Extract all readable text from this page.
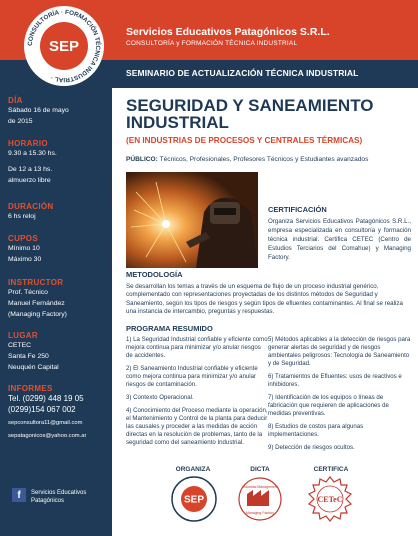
CONSULTORÍA · FORMACIÓN TÉCNICA INDUSTRIAL ·
SEP
Servicios Educativos Patagónicos S.R.L.
CONSULTORÍA y FORMACIÓN TÉCNICA INDUSTRIAL
SEMINARIO DE ACTUALIZACIÓN TÉCNICA INDUSTRIAL
DÍA
Sábado 16 de mayo
de 2015
HORARIO
9.30 a 15.30 hs.
De 12 a 13 hs.
almuerzo libre
DURACIÓN
6 hs reloj
CUPOS
Mínimo 10
Máximo 30
INSTRUCTOR
Prof. Técnico
Manuel Fernández
(Managing Factory)
LUGAR
CETEC
Santa Fe 250
Neuquén Capital
INFORMES
Tel. (0299) 448 19 05
(0299)154 067 002
sepconsultora11@gmail.com
sepatagonicos@yahoo.com.ar
f	Servicios Educativos
Patagónicos
SEGURIDAD Y SANEAMIENTO
INDUSTRIAL
(EN INDUSTRIAS DE PROCESOS Y CENTRALES TÉRMICAS)
PÚBLICO: Técnicos, Profesionales, Profesores Técnicos y Estudiantes avanzados
CERTIFICACIÓN
Organiza Servicios Educativos Patagónicos S.R.L., empresa especializada en consultoría y formación técnica industrial. Certifica CETEC (Centro de Estudios Terciarios del Comahue) y Managing Factory.
METODOLOGÍA
Se desarrollan los temas a través de un esquema de flujo de un proceso industrial genérico, complementado con representaciones proyectadas de los distintos métodos de Seguridad y Saneamiento, según los tipos de riesgos y según tipos de efluentes contaminantes. Al final se realiza una instancia de intercambio, preguntas y respuestas.
PROGRAMA RESUMIDO

1) La Seguridad Industrial confiable y eficiente como mejora continua para minimizar y/o anular riesgos de accidentes.

2) El Saneamiento Industrial confiable y eficiente como mejora continua para minimizar y/o anular riesgos de contaminación.

3) Contexto Operacional.

4) Conocimiento del Proceso mediante la operación, el Mantenimiento y Control de la planta para deducir las causales y proceder a las medidas de acción directas en la resolución de problemas, tanto de la seguridad como del saneamiento Industrial.

5) Métodos aplicables a la detección de riesgos para generar alertas de seguridad y de riesgos ambientales peligrosos: Tecnología de Saneamiento y de Seguridad.

6) Tratamientos de Efluentes: usos de reactivos e inhibidores.

7) Identificación de los equipos o líneas de fabricación que requieren de aplicaciones de medidas preventivas.

8) Estudios de costos para algunas implementaciones.

9) Detección de riesgos ocultos.

ORGANIZA	DICTA	CERTIFICA
SEP
Industrial Management
Managing Factory
CETeC
